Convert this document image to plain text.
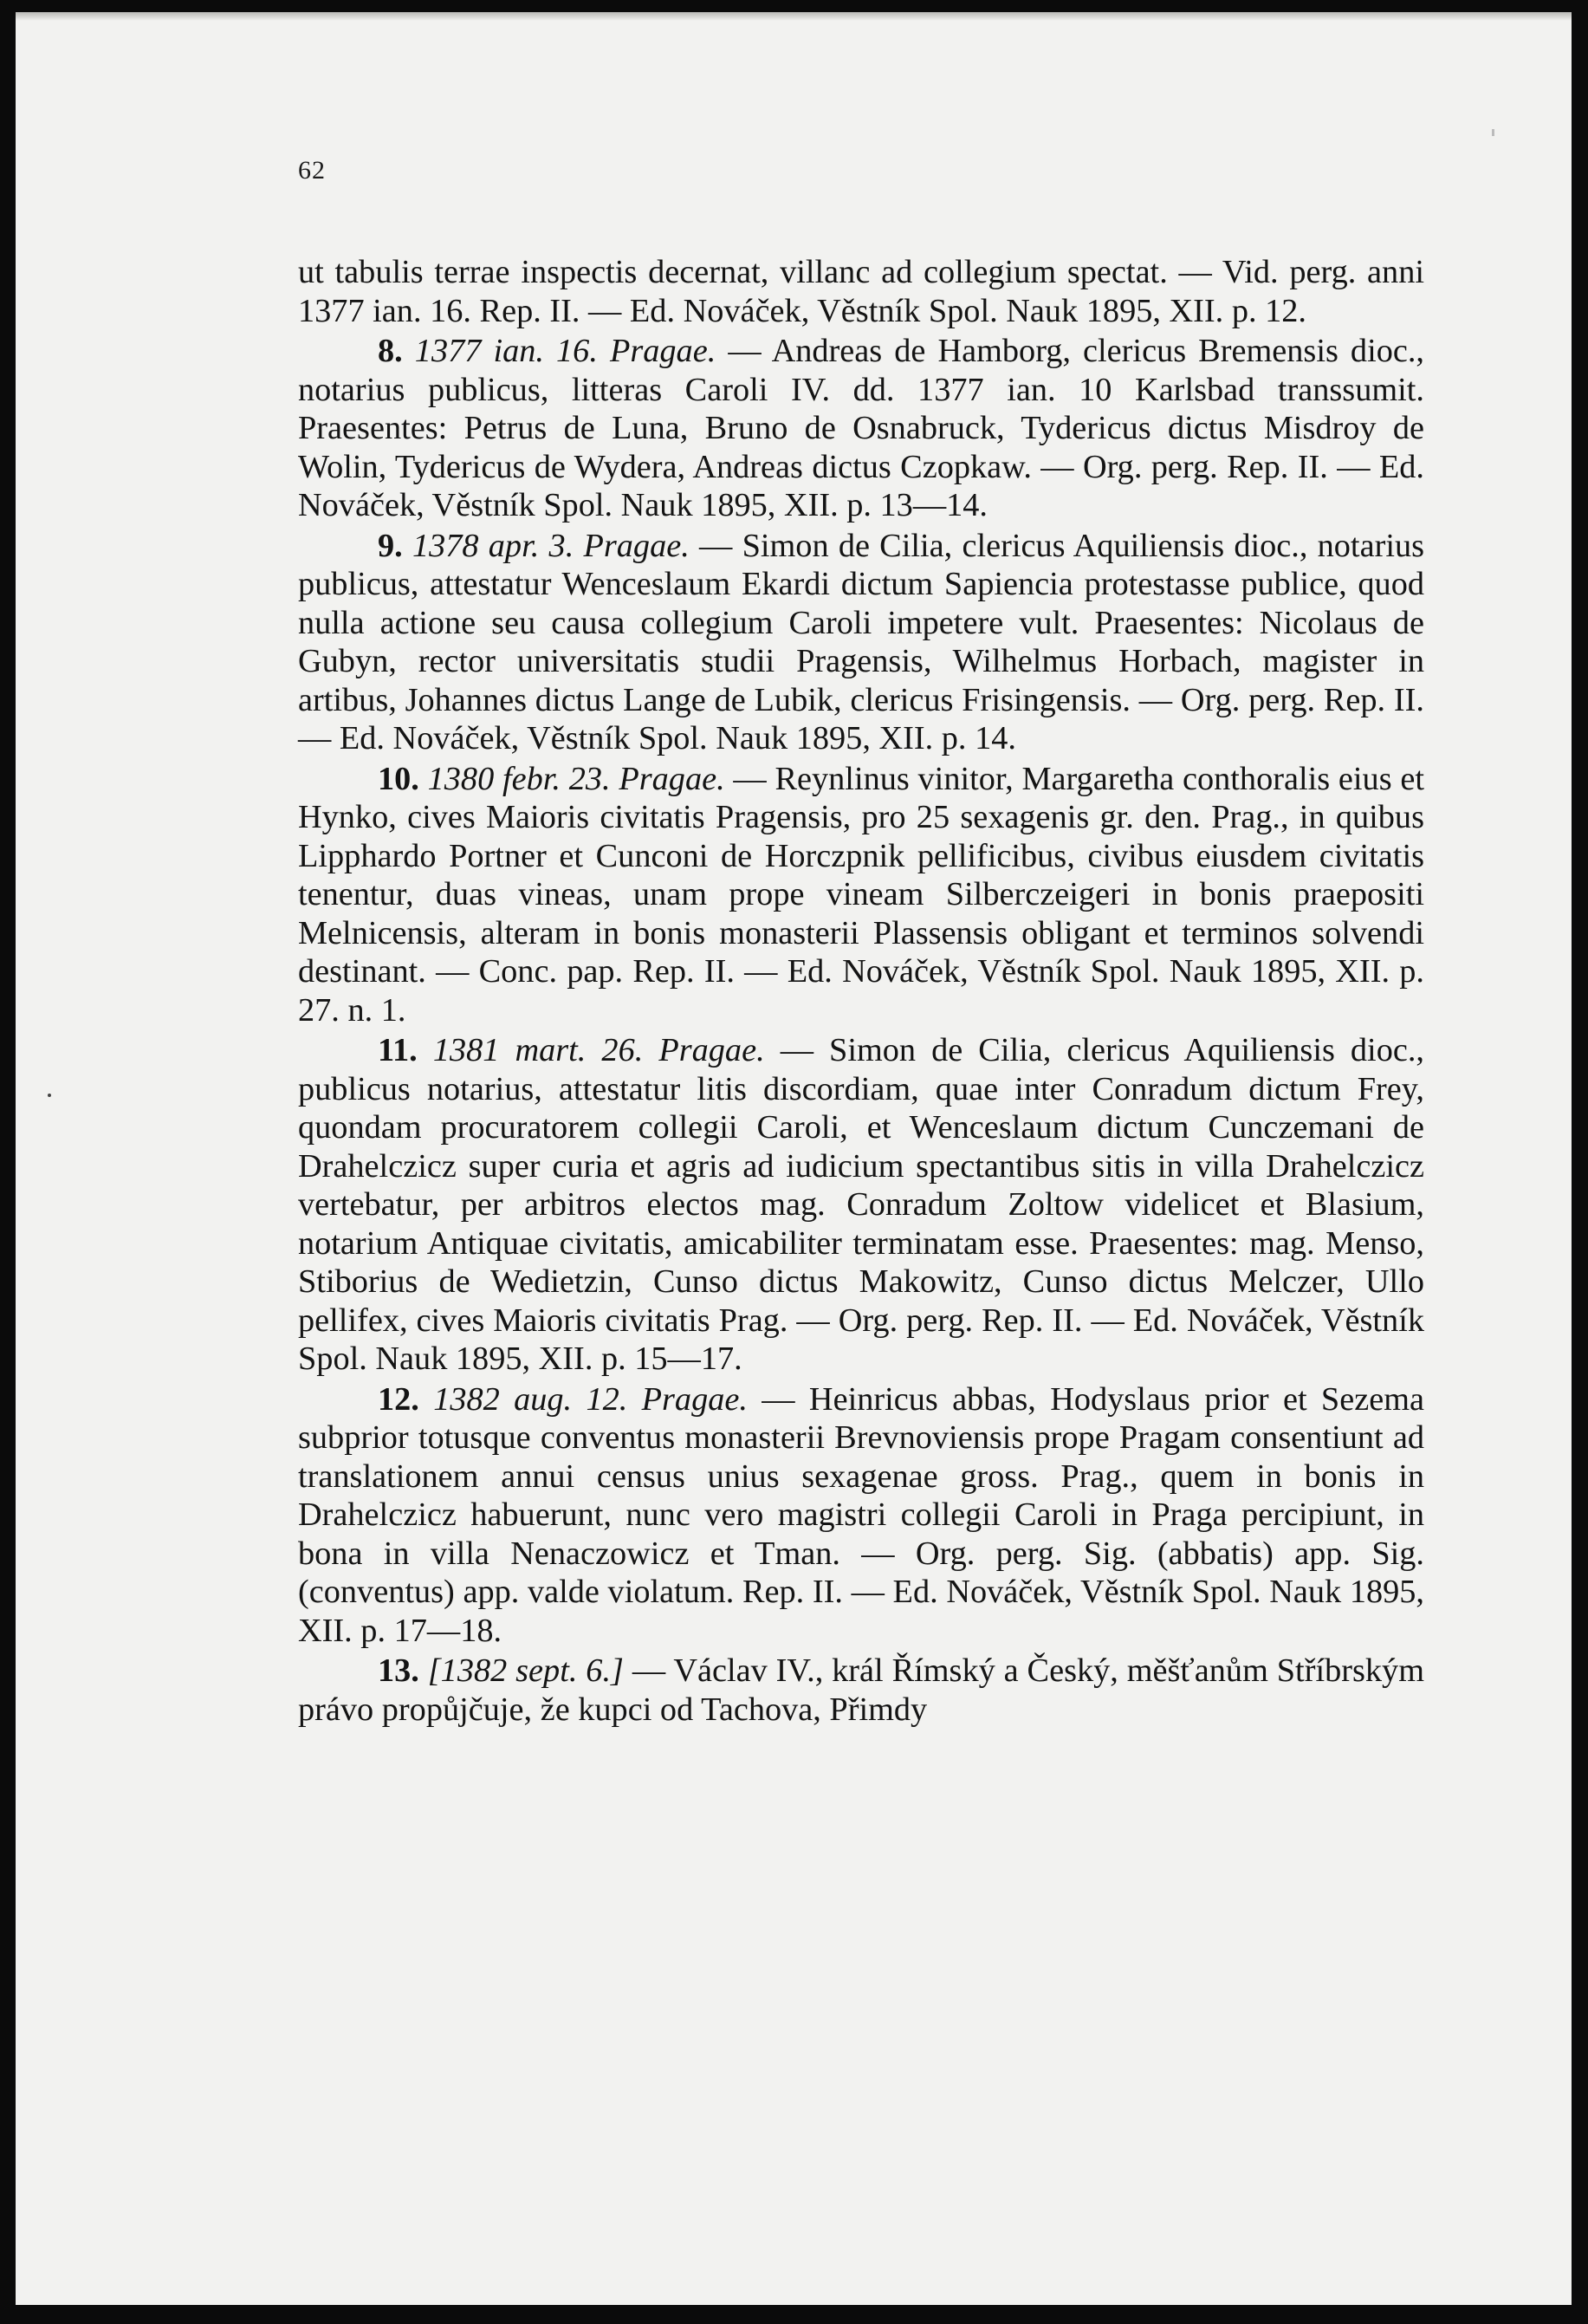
62

ut tabulis terrae inspectis decernat, villanc ad collegium spectat. — Vid. perg. anni 1377 ian. 16. Rep. II. — Ed. Nováček, Věstník Spol. Nauk 1895, XII. p. 12.

8. 1377 ian. 16. Pragae. — Andreas de Hamborg, clericus Bremensis dioc., notarius publicus, litteras Caroli IV. dd. 1377 ian. 10 Karlsbad transsumit. Praesentes: Petrus de Luna, Bruno de Osnabruck, Tydericus dictus Misdroy de Wolin, Tydericus de Wydera, Andreas dictus Czopkaw. — Org. perg. Rep. II. — Ed. Nováček, Věstník Spol. Nauk 1895, XII. p. 13—14.

9. 1378 apr. 3. Pragae. — Simon de Cilia, clericus Aquiliensis dioc., notarius publicus, attestatur Wenceslaum Ekardi dictum Sapiencia protestasse publice, quod nulla actione seu causa collegium Caroli impetere vult. Praesentes: Nicolaus de Gubyn, rector universitatis studii Pragensis, Wilhelmus Horbach, magister in artibus, Johannes dictus Lange de Lubik, clericus Frisingensis. — Org. perg. Rep. II. — Ed. Nováček, Věstník Spol. Nauk 1895, XII. p. 14.

10. 1380 febr. 23. Pragae. — Reynlinus vinitor, Margaretha conthoralis eius et Hynko, cives Maioris civitatis Pragensis, pro 25 sexagenis gr. den. Prag., in quibus Lipphardo Portner et Cunconi de Horczpnik pellificibus, civibus eiusdem civitatis tenentur, duas vineas, unam prope vineam Silberczeigeri in bonis praepositi Melnicensis, alteram in bonis monasterii Plassensis obligant et terminos solvendi destinant. — Conc. pap. Rep. II. — Ed. Nováček, Věstník Spol. Nauk 1895, XII. p. 27. n. 1.

11. 1381 mart. 26. Pragae. — Simon de Cilia, clericus Aquiliensis dioc., publicus notarius, attestatur litis discordiam, quae inter Conradum dictum Frey, quondam procuratorem collegii Caroli, et Wenceslaum dictum Cunczemani de Drahelczicz super curia et agris ad iudicium spectantibus sitis in villa Drahelczicz vertebatur, per arbitros electos mag. Conradum Zoltow videlicet et Blasium, notarium Antiquae civitatis, amicabiliter terminatam esse. Praesentes: mag. Menso, Stiborius de Wedietzin, Cunso dictus Makowitz, Cunso dictus Melczer, Ullo pellifex, cives Maioris civitatis Prag. — Org. perg. Rep. II. — Ed. Nováček, Věstník Spol. Nauk 1895, XII. p. 15—17.

12. 1382 aug. 12. Pragae. — Heinricus abbas, Hodyslaus prior et Sezema subprior totusque conventus monasterii Brevnoviensis prope Pragam consentiunt ad translationem annui census unius sexagenae gross. Prag., quem in bonis in Drahelczicz habuerunt, nunc vero magistri collegii Caroli in Praga percipiunt, in bona in villa Nenaczowicz et Tman. — Org. perg. Sig. (abbatis) app. Sig. (conventus) app. valde violatum. Rep. II. — Ed. Nováček, Věstník Spol. Nauk 1895, XII. p. 17—18.

13. [1382 sept. 6.] — Václav IV., král Římský a Český, měšťanům Stříbrským právo propůjčuje, že kupci od Tachova, Přimdy
